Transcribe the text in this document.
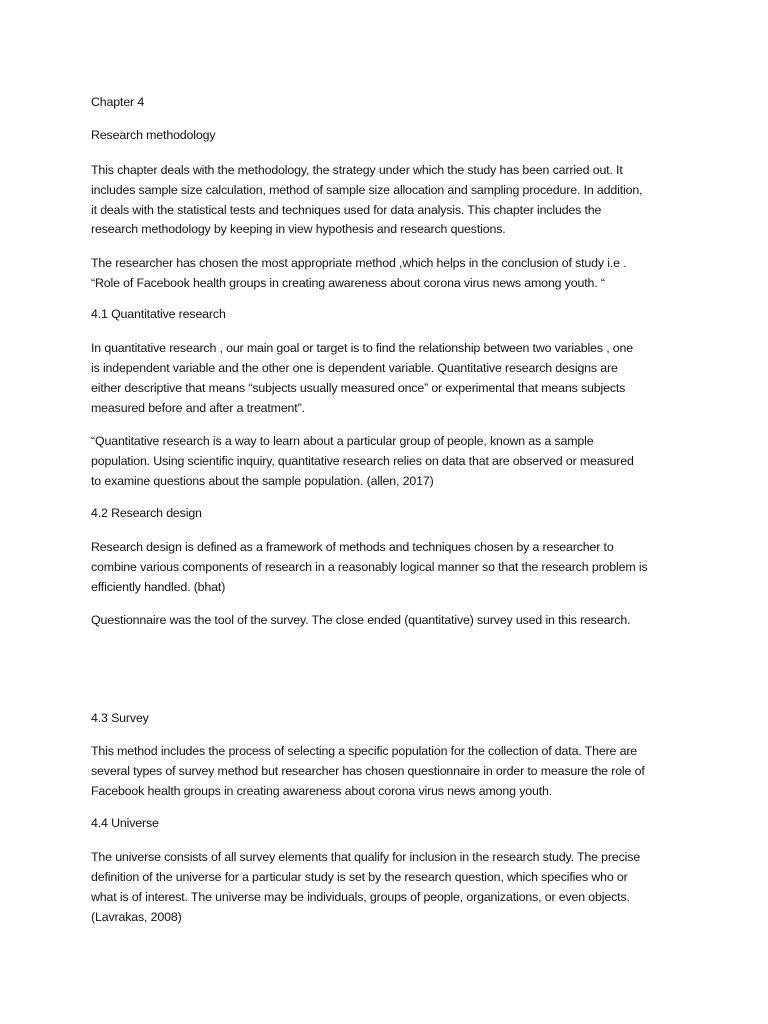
Chapter 4

Research methodology

This chapter deals with the methodology, the strategy under which the study has been carried out. It

includes sample size calculation, method of sample size allocation and sampling procedure. In addition,

it deals with the statistical tests and techniques used for data analysis. This chapter includes the

research methodology by keeping in view hypothesis and research questions.

The researcher has chosen the most appropriate method ,which helps in the conclusion of study i.e .

“Role of Facebook health groups in creating awareness about corona virus news among youth. “

4.1 Quantitative research

In quantitative research , our main goal or target is to find the relationship between two variables , one

is independent variable and the other one is dependent variable. Quantitative research designs are

either descriptive that means “subjects usually measured once” or experimental that means subjects

measured before and after a treatment”.

“Quantitative research is a way to learn about a particular group of people, known as a sample

population. Using scientific inquiry, quantitative research relies on data that are observed or measured

to examine questions about the sample population. (allen, 2017)

4.2 Research design

Research design is defined as a framework of methods and techniques chosen by a researcher to

combine various components of research in a reasonably logical manner so that the research problem is

efficiently handled. (bhat)

Questionnaire was the tool of the survey. The close ended (quantitative) survey used in this research.

4.3 Survey

This method includes the process of selecting a specific population for the collection of data. There are

several types of survey method but researcher has chosen questionnaire in order to measure the role of

Facebook health groups in creating awareness about corona virus news among youth.

4.4 Universe

The universe consists of all survey elements that qualify for inclusion in the research study. The precise

definition of the universe for a particular study is set by the research question, which specifies who or

what is of interest. The universe may be individuals, groups of people, organizations, or even objects.

(Lavrakas, 2008)
